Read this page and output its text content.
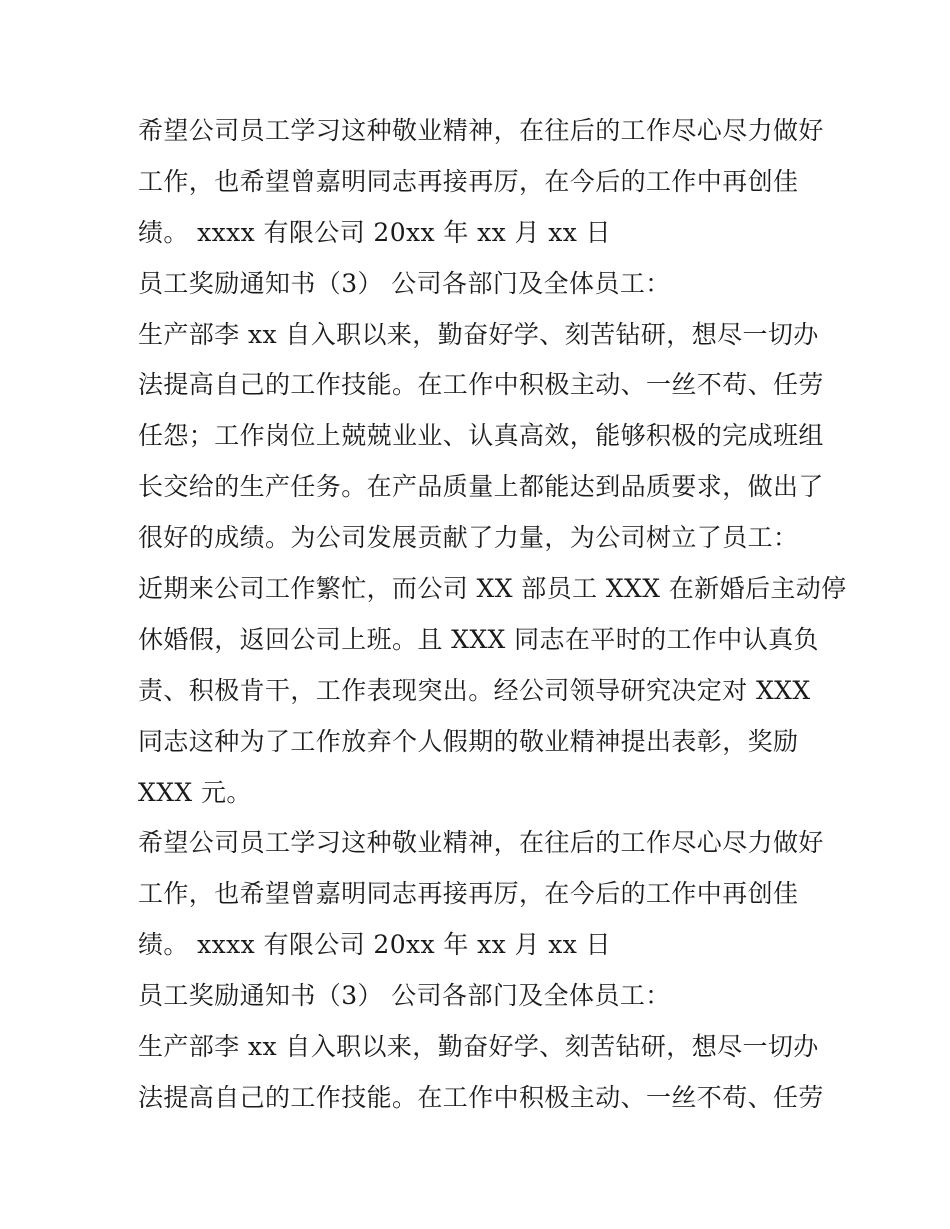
希望公司员工学习这种敬业精神，在往后的工作尽心尽力做好
工作，也希望曾嘉明同志再接再厉，在今后的工作中再创佳
绩。 xxxx 有限公司 20xx 年 xx 月 xx 日
员工奖励通知书（3） 公司各部门及全体员工：
生产部李 xx 自入职以来，勤奋好学、刻苦钻研，想尽一切办
法提高自己的工作技能。在工作中积极主动、一丝不苟、任劳
任怨；工作岗位上兢兢业业、认真高效，能够积极的完成班组
长交给的生产任务。在产品质量上都能达到品质要求，做出了
很好的成绩。为公司发展贡献了力量，为公司树立了员工：
近期来公司工作繁忙，而公司 XX 部员工 XXX 在新婚后主动停
休婚假，返回公司上班。且 XXX 同志在平时的工作中认真负
责、积极肯干，工作表现突出。经公司领导研究决定对 XXX
同志这种为了工作放弃个人假期的敬业精神提出表彰，奖励
XXX 元。
希望公司员工学习这种敬业精神，在往后的工作尽心尽力做好
工作，也希望曾嘉明同志再接再厉，在今后的工作中再创佳
绩。 xxxx 有限公司 20xx 年 xx 月 xx 日
员工奖励通知书（3） 公司各部门及全体员工：
生产部李 xx 自入职以来，勤奋好学、刻苦钻研，想尽一切办
法提高自己的工作技能。在工作中积极主动、一丝不苟、任劳
